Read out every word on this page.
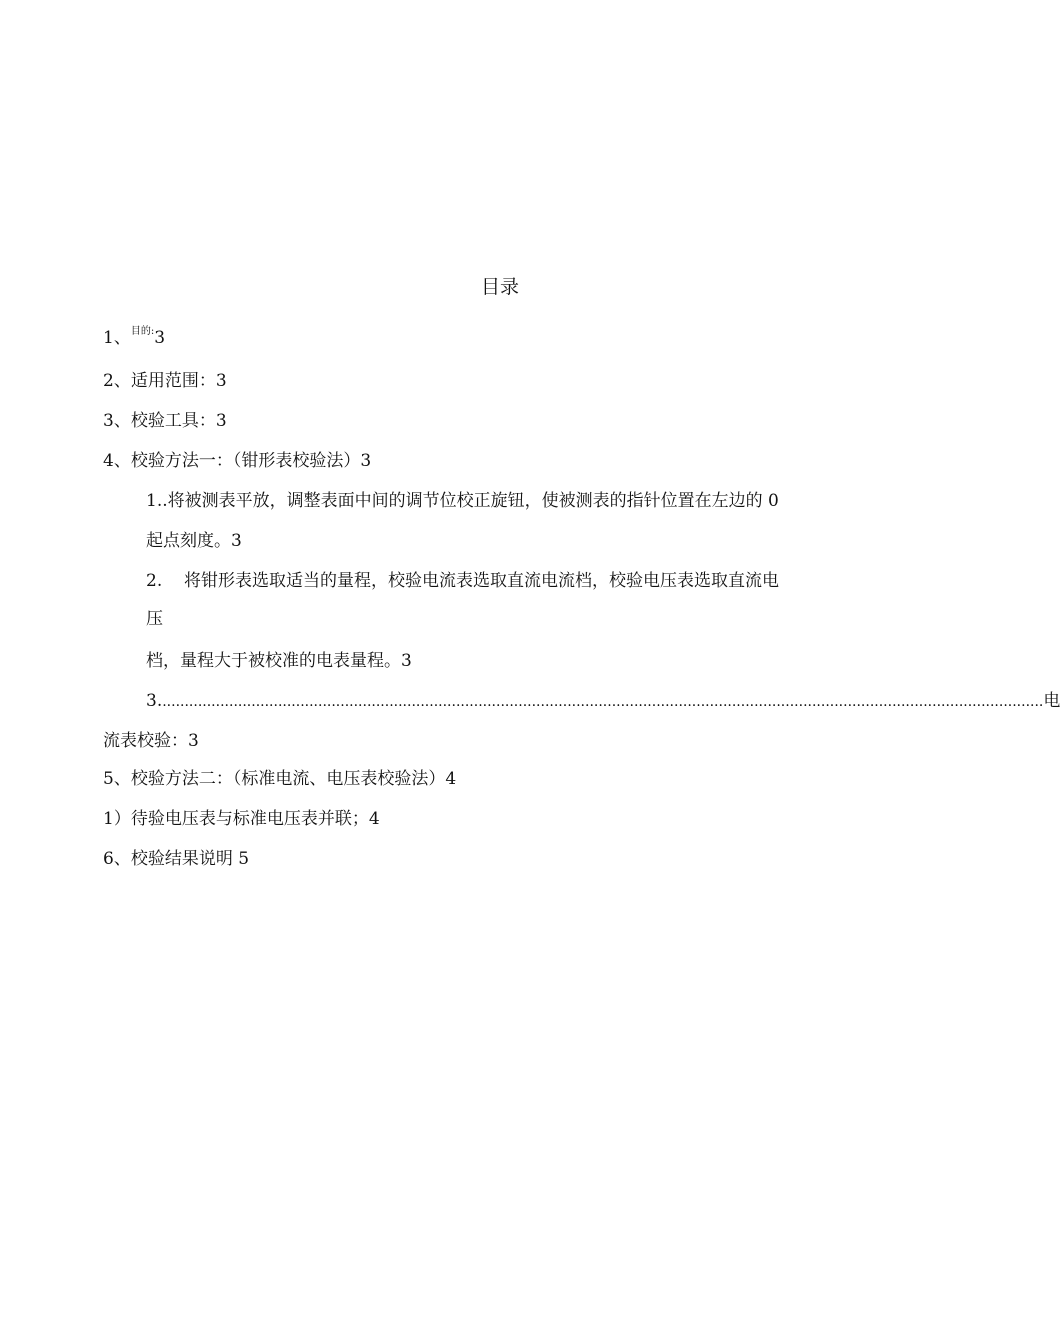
目录
1、$^{目的:}$3
2、适用范围：3
3、校验工具：3
4、校验方法一：（钳形表校验法）3
1..将被测表平放，调整表面中间的调节位校正旋钮，使被测表的指针位置在左边的 0
起点刻度。3
2. 将钳形表选取适当的量程，校验电流表选取直流电流档，校验电压表选取直流电
压
档，量程大于被校准的电表量程。3
3. ...................................................................................................................................................................................................... 电
流表校验：3
5、校验方法二：（标准电流、电压表校验法）4
1）待验电压表与标准电压表并联；4
6、校验结果说明 5
